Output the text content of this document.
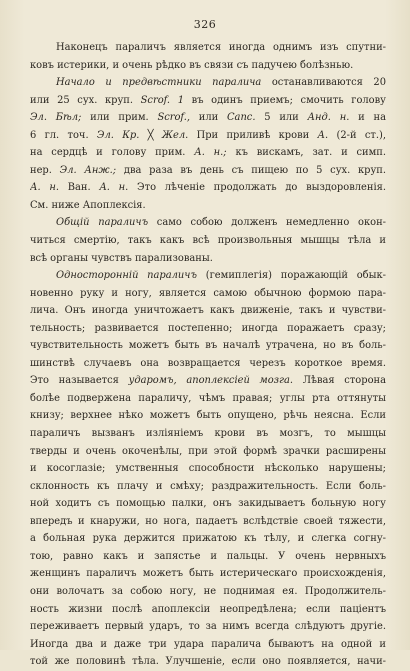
326
Наконецъ параличъ является иногда однимъ изъ спутни-
ковъ истерики, и очень рѣдко въ связи съ падучею болѣзнью.
Начало и предвѣстники паралича останавливаются 20
или 25 сух. круп. Scrof. 1 въ одинъ приемъ; смочить голову
Эл. Бѣл; или прим. Scrof., или Сапс. 5 или Анд. н. и на
6 гл. точ. Эл. Кр. ╳ Жел. При приливѣ крови А. (2-й ст.),
на сердцѣ и голову прим. А. н.; къ вискамъ, зат. и симп.
нер. Эл. Анж.; два раза въ день съ пищею по 5 сух. круп.
А. н. Ван. А. н. Это лѣченіе продолжать до выздоровленія.
См. ниже Апоплексія.
Общій параличъ само собою долженъ немедленно окон-
читься смертію, такъ какъ всѣ произвольныя мышцы тѣла и
всѣ органы чувствъ парализованы.
Односторонній параличъ (гемиплегія) поражающій обык-
новенно руку и ногу, является самою обычною формою пара-
лича. Онъ иногда уничтожаетъ какъ движеніе, такъ и чувстви-
тельность; развивается постепенно; иногда поражаетъ сразу;
чувствительность можетъ быть въ началѣ утрачена, но въ боль-
шинствѣ случаевъ она возвращается черезъ короткое время.
Это называется ударомъ, апоплексіей мозга. Лѣвая сторона
болѣе подвержена параличу, чѣмъ правая; углы рта оттянуты
книзу; верхнее нѣко можетъ быть опущено, рѣчь неясна. Если
параличъ вызванъ изліяніемъ крови въ мозгъ, то мышцы
тверды и очень окоченѣлы, при этой формѣ зрачки расширены
и косоглазіе; умственныя способности нѣсколько нарушены;
склонность къ плачу и смѣху; раздражительность. Если боль-
ной ходитъ съ помощью палки, онъ закидываетъ больную ногу
впередъ и кнаружи, но нога, падаетъ вслѣдствіе своей тяжести,
а больная рука держится прижатою къ тѣлу, и слегка согну-
тою, равно какъ и запястье и пальцы. У очень нервныхъ
женщинъ параличъ можетъ быть истерическаго происхожденія,
они волочатъ за собою ногу, не поднимая ея. Продолжитель-
ность жизни послѣ апоплексіи неопредѣлена; если паціентъ
переживаетъ первый ударъ, то за нимъ всегда слѣдуютъ другіе.
Иногда два и даже три удара паралича бываютъ на одной и
той же половинѣ тѣла. Улучшеніе, если оно появляется, начи-
